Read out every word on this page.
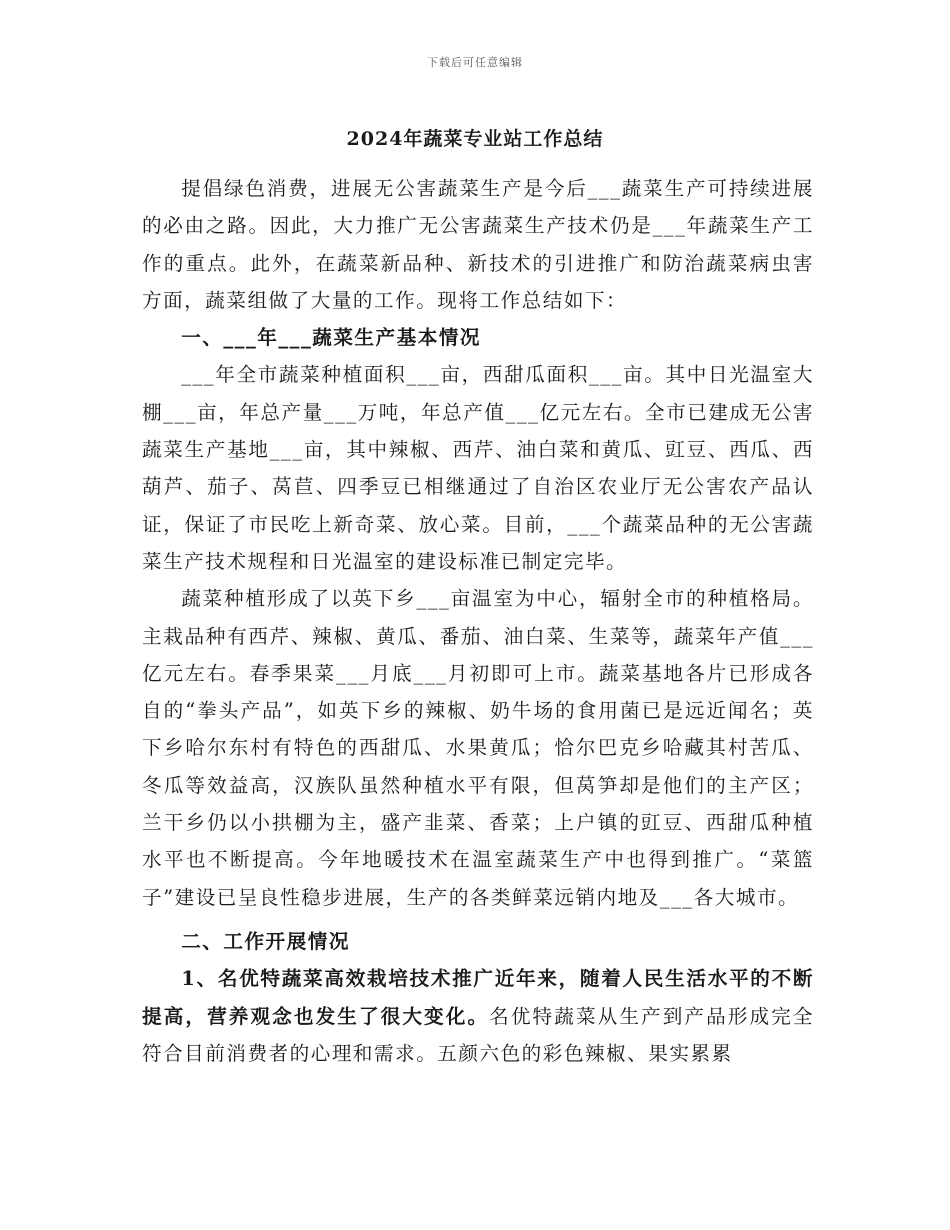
下载后可任意编辑
2024年蔬菜专业站工作总结

提倡绿色消费，进展无公害蔬菜生产是今后___蔬菜生产可持续进展的必由之路。因此，大力推广无公害蔬菜生产技术仍是___年蔬菜生产工作的重点。此外，在蔬菜新品种、新技术的引进推广和防治蔬菜病虫害方面，蔬菜组做了大量的工作。现将工作总结如下：

一、___年___蔬菜生产基本情况

___年全市蔬菜种植面积___亩，西甜瓜面积___亩。其中日光温室大棚___亩，年总产量___万吨，年总产值___亿元左右。全市已建成无公害蔬菜生产基地___亩，其中辣椒、西芹、油白菜和黄瓜、豇豆、西瓜、西葫芦、茄子、莴苣、四季豆已相继通过了自治区农业厅无公害农产品认证，保证了市民吃上新奇菜、放心菜。目前，___个蔬菜品种的无公害蔬菜生产技术规程和日光温室的建设标准已制定完毕。

蔬菜种植形成了以英下乡___亩温室为中心，辐射全市的种植格局。主栽品种有西芹、辣椒、黄瓜、番茄、油白菜、生菜等，蔬菜年产值___亿元左右。春季果菜___月底___月初即可上市。蔬菜基地各片已形成各自的“拳头产品”，如英下乡的辣椒、奶牛场的食用菌已是远近闻名；英下乡哈尔东村有特色的西甜瓜、水果黄瓜；恰尔巴克乡哈藏其村苦瓜、冬瓜等效益高，汉族队虽然种植水平有限，但莴笋却是他们的主产区；兰干乡仍以小拱棚为主，盛产韭菜、香菜；上户镇的豇豆、西甜瓜种植水平也不断提高。今年地暖技术在温室蔬菜生产中也得到推广。“菜篮子”建设已呈良性稳步进展，生产的各类鲜菜远销内地及___各大城市。

二、工作开展情况

1、名优特蔬菜高效栽培技术推广近年来，随着人民生活水平的不断提高，营养观念也发生了很大变化。名优特蔬菜从生产到产品形成完全符合目前消费者的心理和需求。五颜六色的彩色辣椒、果实累累
